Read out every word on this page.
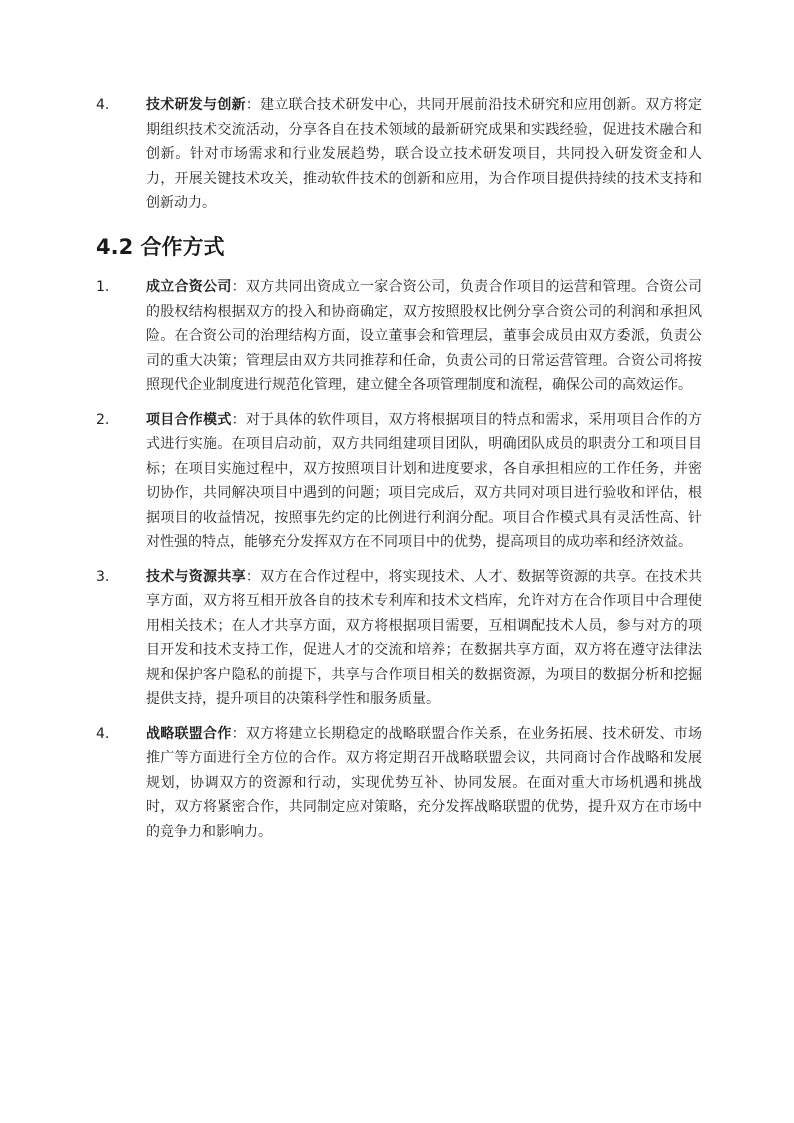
4.	技术研发与创新：建立联合技术研发中心，共同开展前沿技术研究和应用创新。双方将定期组织技术交流活动，分享各自在技术领域的最新研究成果和实践经验，促进技术融合和创新。针对市场需求和行业发展趋势，联合设立技术研发项目，共同投入研发资金和人力，开展关键技术攻关，推动软件技术的创新和应用，为合作项目提供持续的技术支持和创新动力。
4.2 合作方式
1.	成立合资公司：双方共同出资成立一家合资公司，负责合作项目的运营和管理。合资公司的股权结构根据双方的投入和协商确定，双方按照股权比例分享合资公司的利润和承担风险。在合资公司的治理结构方面，设立董事会和管理层，董事会成员由双方委派，负责公司的重大决策；管理层由双方共同推荐和任命，负责公司的日常运营管理。合资公司将按照现代企业制度进行规范化管理，建立健全各项管理制度和流程，确保公司的高效运作。
2.	项目合作模式：对于具体的软件项目，双方将根据项目的特点和需求，采用项目合作的方式进行实施。在项目启动前，双方共同组建项目团队，明确团队成员的职责分工和项目目标；在项目实施过程中，双方按照项目计划和进度要求，各自承担相应的工作任务，并密切协作，共同解决项目中遇到的问题；项目完成后，双方共同对项目进行验收和评估，根据项目的收益情况，按照事先约定的比例进行利润分配。项目合作模式具有灵活性高、针对性强的特点，能够充分发挥双方在不同项目中的优势，提高项目的成功率和经济效益。
3.	技术与资源共享：双方在合作过程中，将实现技术、人才、数据等资源的共享。在技术共享方面，双方将互相开放各自的技术专利库和技术文档库，允许对方在合作项目中合理使用相关技术；在人才共享方面，双方将根据项目需要，互相调配技术人员，参与对方的项目开发和技术支持工作，促进人才的交流和培养；在数据共享方面，双方将在遵守法律法规和保护客户隐私的前提下，共享与合作项目相关的数据资源，为项目的数据分析和挖掘提供支持，提升项目的决策科学性和服务质量。
4.	战略联盟合作：双方将建立长期稳定的战略联盟合作关系，在业务拓展、技术研发、市场推广等方面进行全方位的合作。双方将定期召开战略联盟会议，共同商讨合作战略和发展规划，协调双方的资源和行动，实现优势互补、协同发展。在面对重大市场机遇和挑战时，双方将紧密合作，共同制定应对策略，充分发挥战略联盟的优势，提升双方在市场中的竞争力和影响力。
